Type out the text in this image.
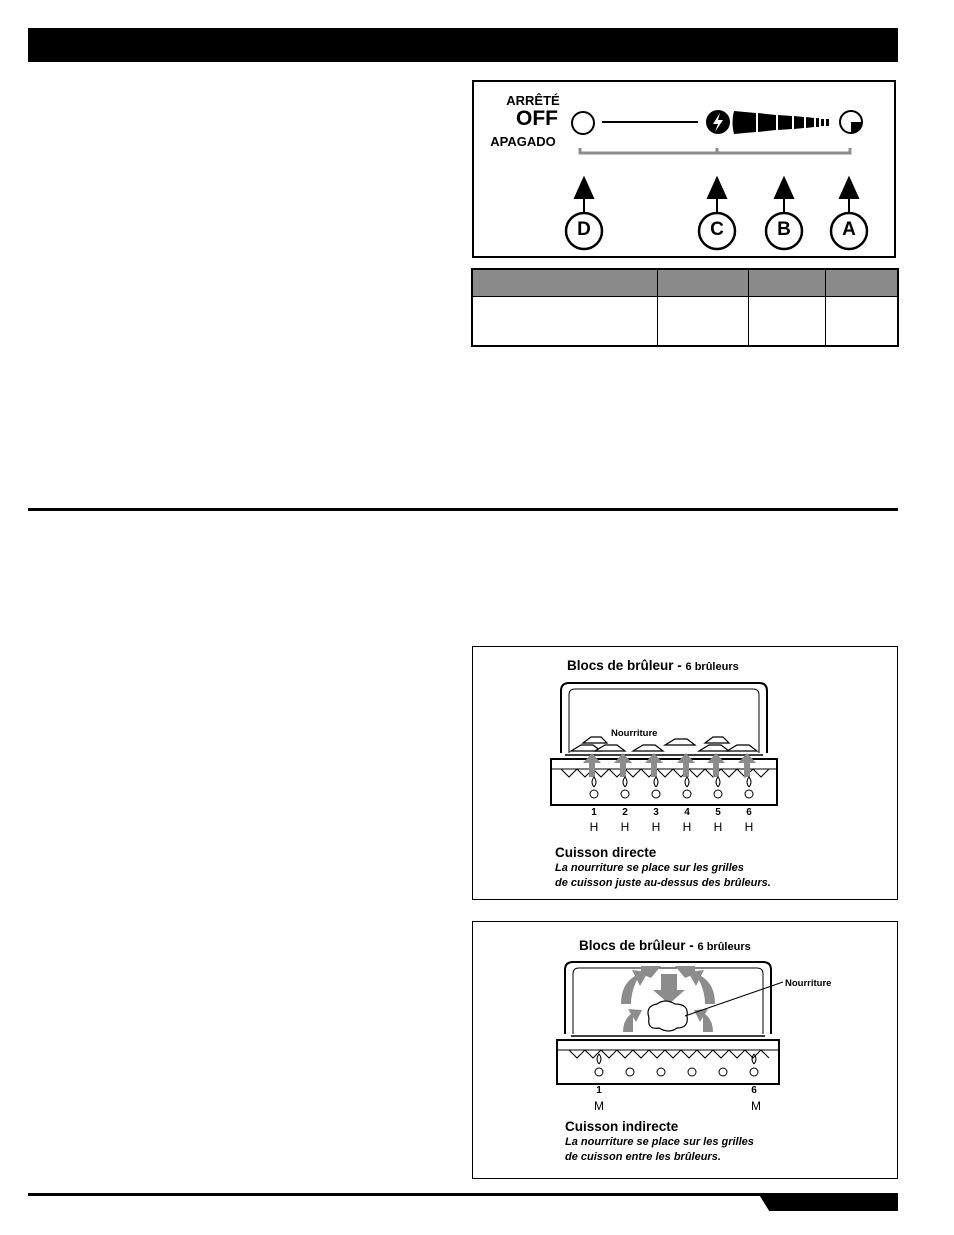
ARRÊTÉ
OFF
APAGADO
D	C	B	A

Blocs de brûleur - 6 brûleurs
Nourriture
1	2	3	4	5	6
H H H H H H
Cuisson directe
La nourriture se place sur les grilles
de cuisson juste au-dessus des brûleurs.
Blocs de brûleur - 6 brûleurs
Nourriture
1	6
M	M
Cuisson indirecte
La nourriture se place sur les grilles
de cuisson entre les brûleurs.
